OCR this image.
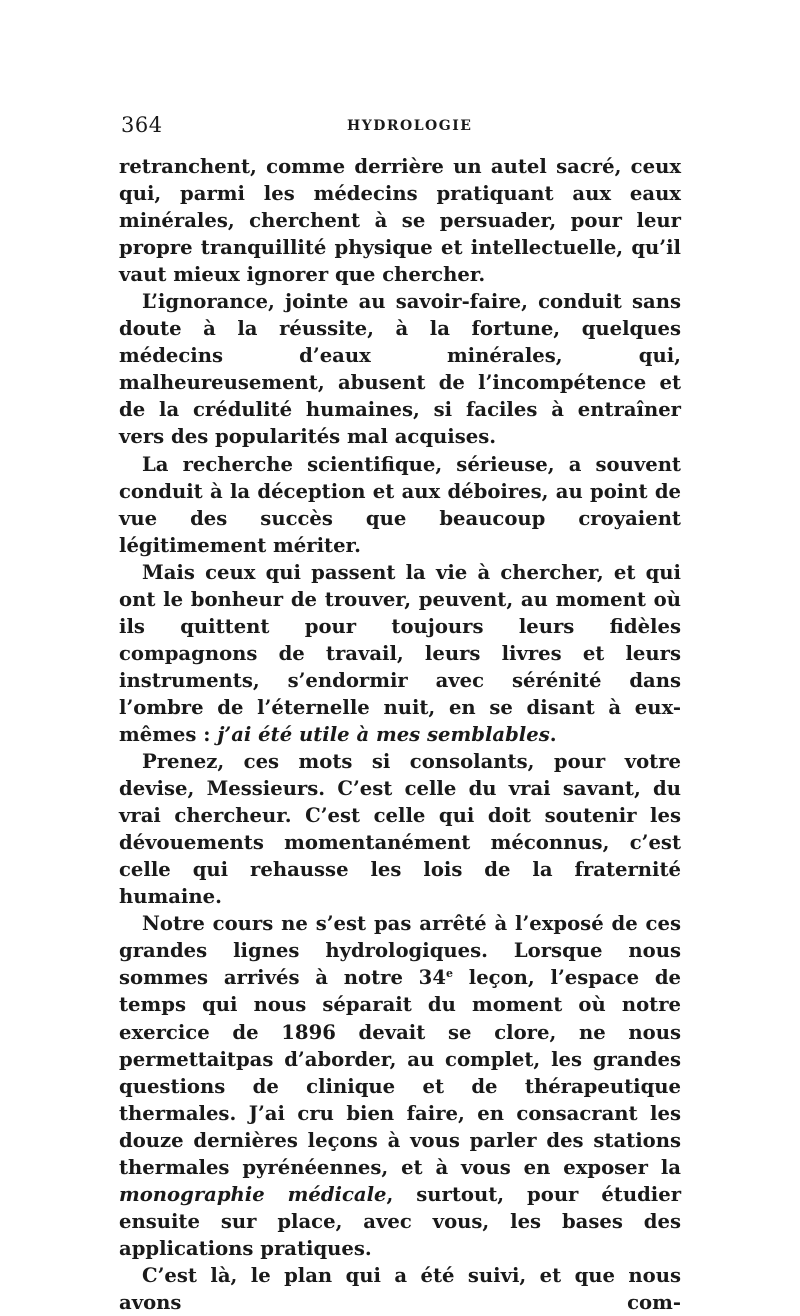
364	HYDROLOGIE

retranchent, comme derrière un autel sacré, ceux qui, parmi les médecins pratiquant aux eaux minérales, cherchent à se persuader, pour leur propre tranquillité physique et intellectuelle, qu’il vaut mieux ignorer que chercher.

L’ignorance, jointe au savoir-faire, conduit sans doute à la réussite, à la fortune, quelques médecins d’eaux minérales, qui, malheureusement, abusent de l’incompétence et de la crédulité humaines, si faciles à entraîner vers des popularités mal acquises.

La recherche scientifique, sérieuse, a souvent conduit à la déception et aux déboires, au point de vue des succès que beaucoup croyaient légitimement mériter.

Mais ceux qui passent la vie à chercher, et qui ont le bonheur de trouver, peuvent, au moment où ils quittent pour toujours leurs fidèles compagnons de travail, leurs livres et leurs instruments, s’endormir avec sérénité dans l’ombre de l’éternelle nuit, en se disant à eux-mêmes : j’ai été utile à mes semblables.

Prenez, ces mots si consolants, pour votre devise, Messieurs. C’est celle du vrai savant, du vrai chercheur. C’est celle qui doit soutenir les dévouements momentanément méconnus, c’est celle qui rehausse les lois de la fraternité humaine.

Notre cours ne s’est pas arrêté à l’exposé de ces grandes lignes hydrologiques. Lorsque nous sommes arrivés à notre 34e leçon, l’espace de temps qui nous séparait du moment où notre exercice de 1896 devait se clore, ne nous permettaitpas d’aborder, au complet, les grandes questions de clinique et de thérapeutique thermales. J’ai cru bien faire, en consacrant les douze dernières leçons à vous parler des stations thermales pyrénéennes, et à vous en exposer la monographie médicale, surtout, pour étudier ensuite sur place, avec vous, les bases des applications pratiques.

C’est là, le plan qui a été suivi, et que nous avons com-
